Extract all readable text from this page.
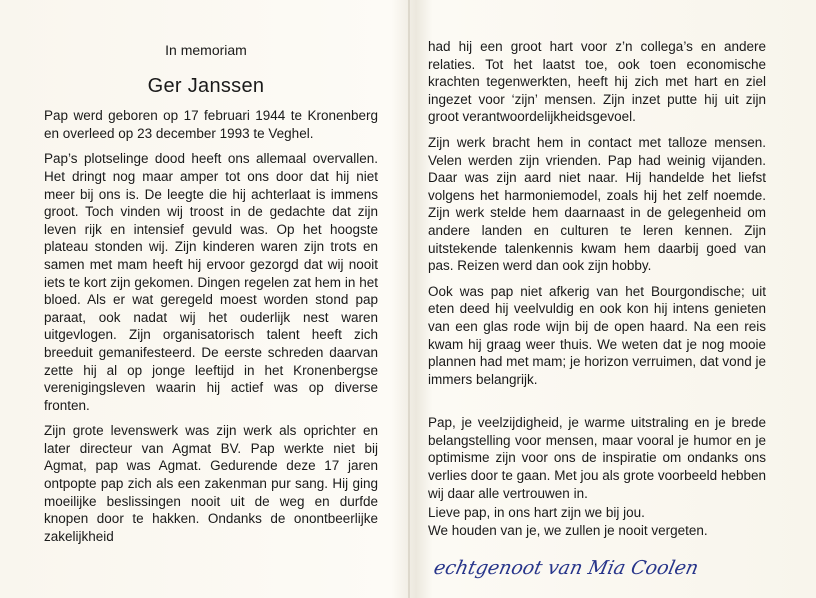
In memoriam
Ger Janssen

Pap werd geboren op 17 februari 1944 te Kronenberg en overleed op 23 december 1993 te Veghel.

Pap’s plotselinge dood heeft ons allemaal overvallen. Het dringt nog maar amper tot ons door dat hij niet meer bij ons is. De leegte die hij achterlaat is immens groot. Toch vinden wij troost in de gedachte dat zijn leven rijk en intensief gevuld was. Op het hoogste plateau stonden wij. Zijn kinderen waren zijn trots en samen met mam heeft hij ervoor gezorgd dat wij nooit iets te kort zijn gekomen. Dingen regelen zat hem in het bloed. Als er wat geregeld moest worden stond pap paraat, ook nadat wij het ouderlijk nest waren uitgevlogen. Zijn organisatorisch talent heeft zich breeduit gemanifesteerd. De eerste schreden daarvan zette hij al op jonge leeftijd in het Kronenbergse verenigingsleven waarin hij actief was op diverse fronten.

Zijn grote levenswerk was zijn werk als oprichter en later directeur van Agmat BV. Pap werkte niet bij Agmat, pap was Agmat. Gedurende deze 17 jaren ontpopte pap zich als een zakenman pur sang. Hij ging moeilijke beslissingen nooit uit de weg en durfde knopen door te hakken. Ondanks de onontbeerlijke zakelijkheid

had hij een groot hart voor z’n collega’s en andere relaties. Tot het laatst toe, ook toen economische krachten tegenwerkten, heeft hij zich met hart en ziel ingezet voor ‘zijn’ mensen. Zijn inzet putte hij uit zijn groot verantwoordelijkheidsgevoel.

Zijn werk bracht hem in contact met talloze mensen. Velen werden zijn vrienden. Pap had weinig vijanden. Daar was zijn aard niet naar. Hij handelde het liefst volgens het harmoniemodel, zoals hij het zelf noemde. Zijn werk stelde hem daarnaast in de gelegenheid om andere landen en culturen te leren kennen. Zijn uitstekende talenkennis kwam hem daarbij goed van pas. Reizen werd dan ook zijn hobby.

Ook was pap niet afkerig van het Bourgondische; uit eten deed hij veelvuldig en ook kon hij intens genieten van een glas rode wijn bij de open haard. Na een reis kwam hij graag weer thuis. We weten dat je nog mooie plannen had met mam; je horizon verruimen, dat vond je immers belangrijk.

Pap, je veelzijdigheid, je warme uitstraling en je brede belangstelling voor mensen, maar vooral je humor en je optimisme zijn voor ons de inspiratie om ondanks ons verlies door te gaan. Met jou als grote voorbeeld hebben wij daar alle vertrouwen in.

Lieve pap, in ons hart zijn we bij jou.

We houden van je, we zullen je nooit vergeten.

echtgenoot van Mia Coolen
